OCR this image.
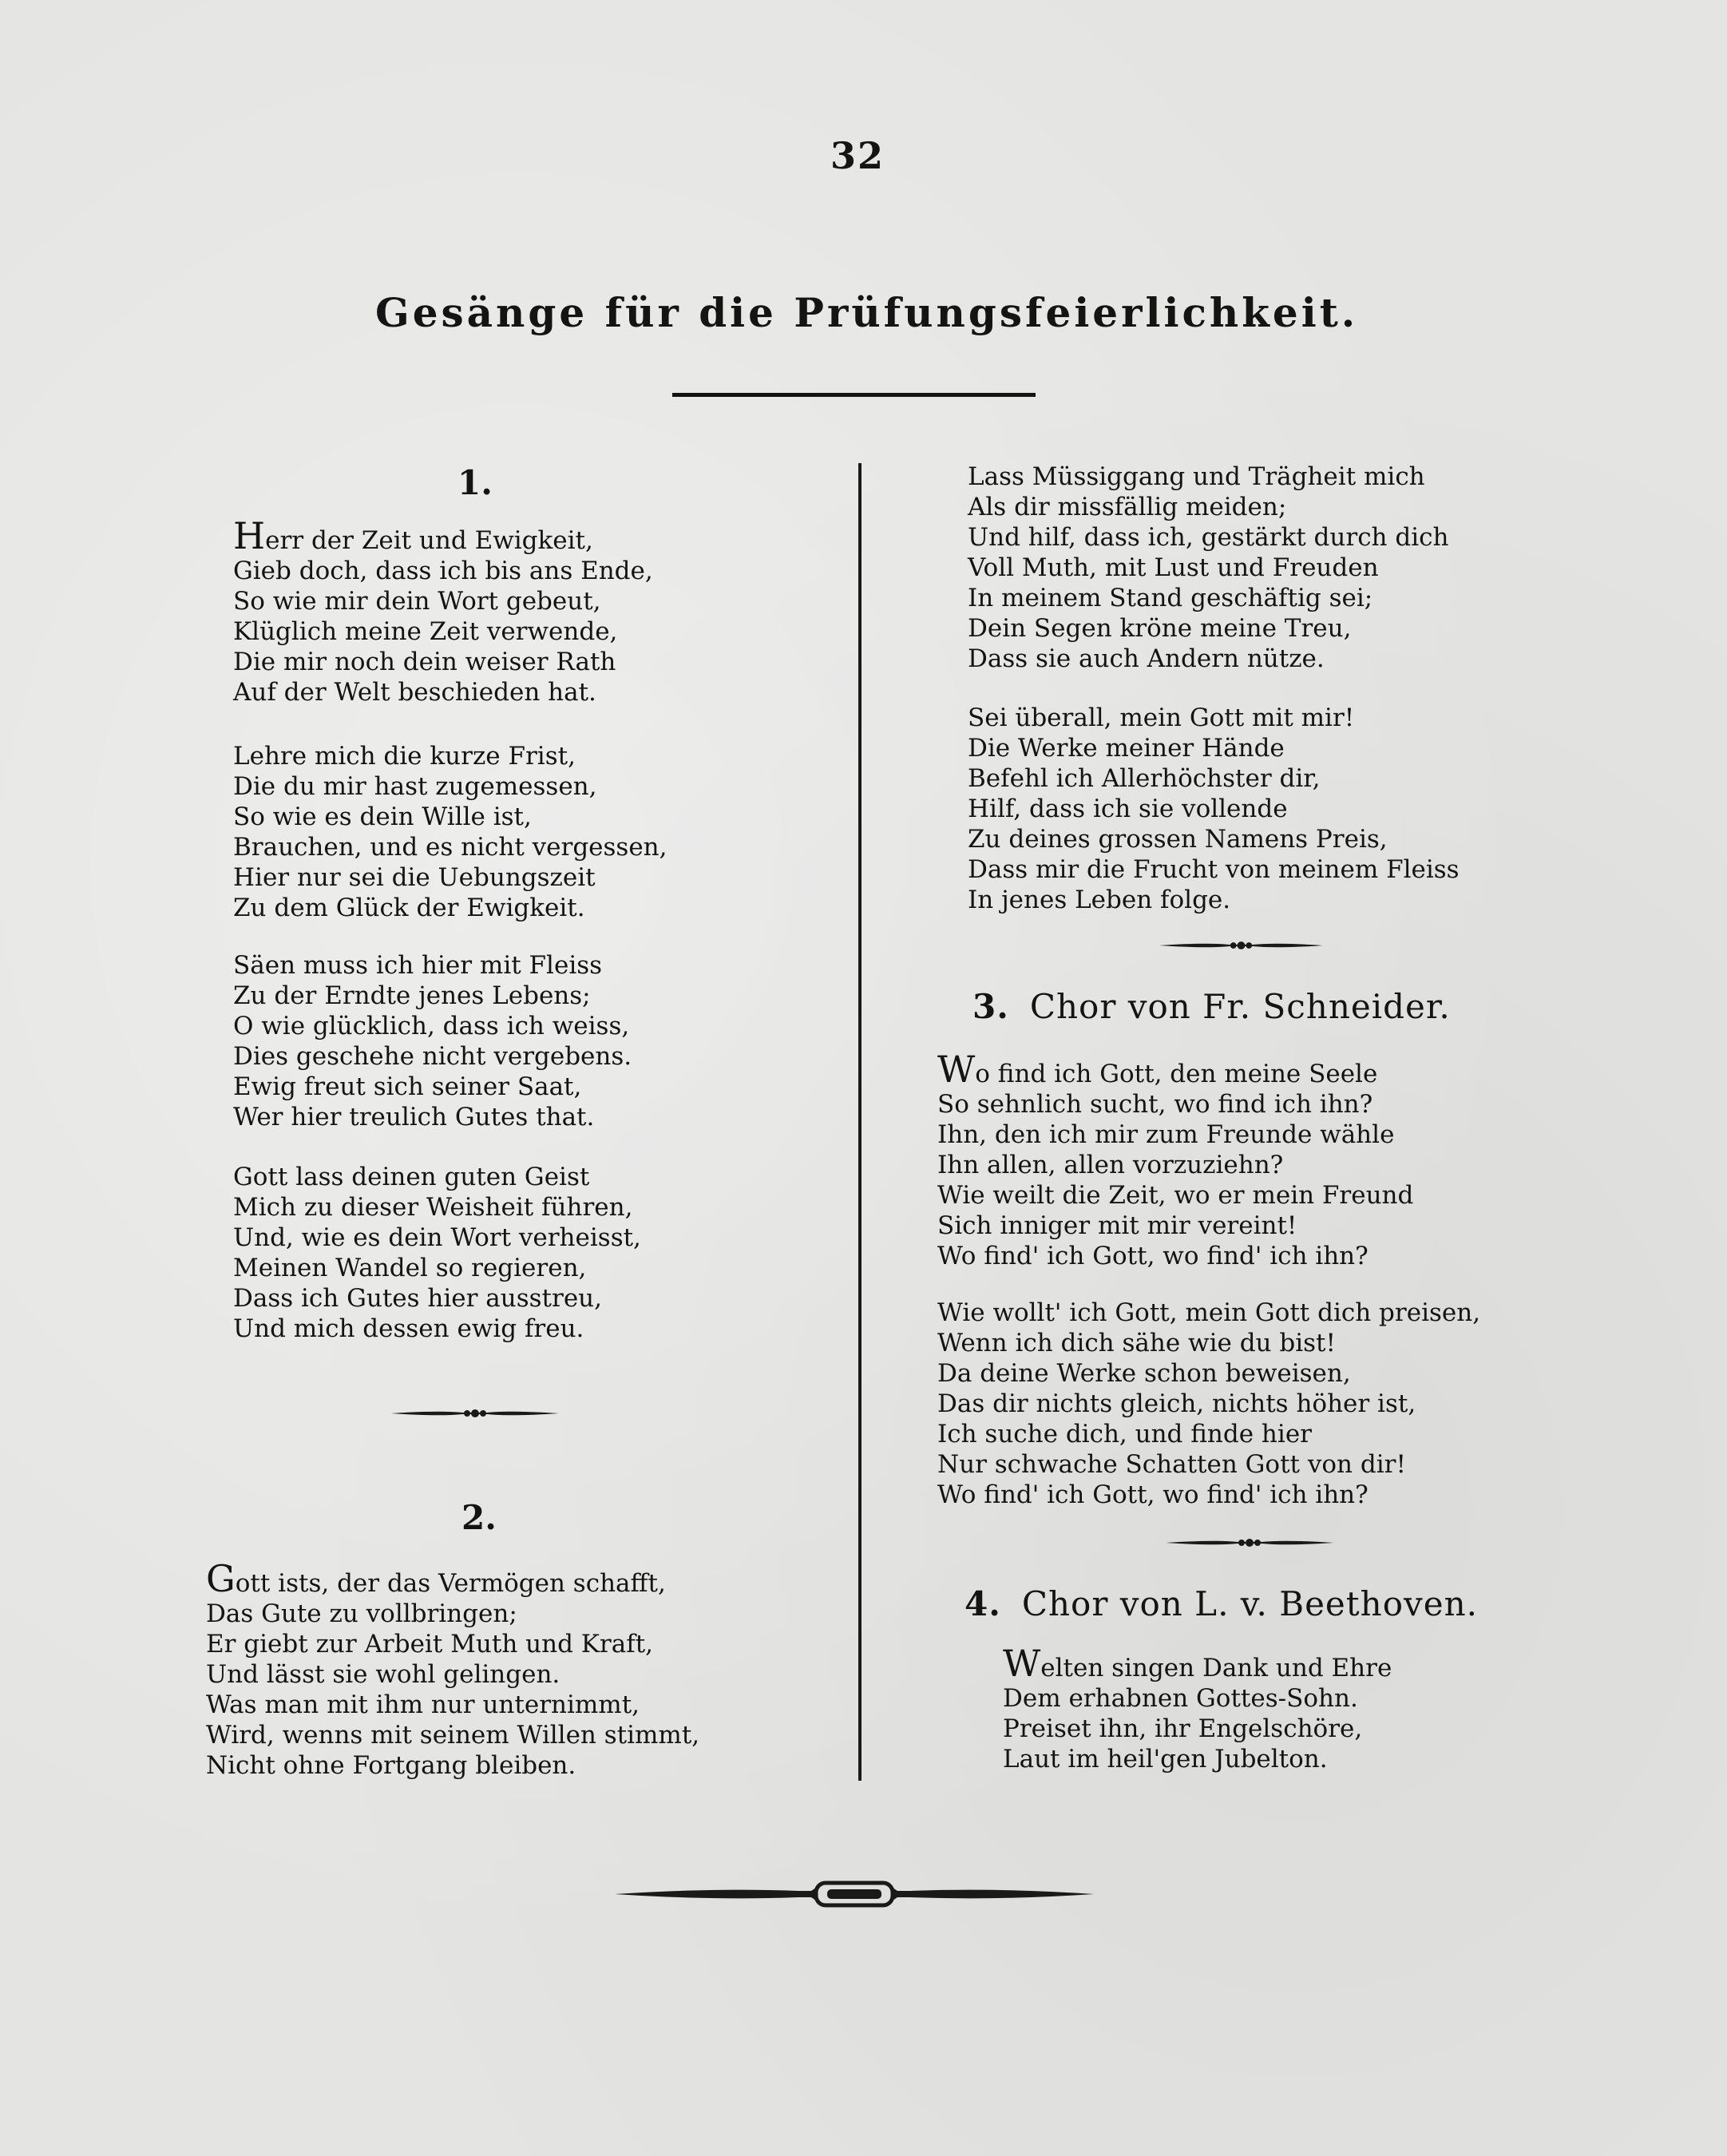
32
Gesänge für die Prüfungsfeierlichkeit.
1.
Herr der Zeit und Ewigkeit,
Gieb doch, dass ich bis ans Ende,
So wie mir dein Wort gebeut,
Klüglich meine Zeit verwende,
Die mir noch dein weiser Rath
Auf der Welt beschieden hat.
Lehre mich die kurze Frist,
Die du mir hast zugemessen,
So wie es dein Wille ist,
Brauchen, und es nicht vergessen,
Hier nur sei die Uebungszeit
Zu dem Glück der Ewigkeit.
Säen muss ich hier mit Fleiss
Zu der Erndte jenes Lebens;
O wie glücklich, dass ich weiss,
Dies geschehe nicht vergebens.
Ewig freut sich seiner Saat,
Wer hier treulich Gutes that.
Gott lass deinen guten Geist
Mich zu dieser Weisheit führen,
Und, wie es dein Wort verheisst,
Meinen Wandel so regieren,
Dass ich Gutes hier ausstreu,
Und mich dessen ewig freu.
2.
Gott ists, der das Vermögen schafft,
Das Gute zu vollbringen;
Er giebt zur Arbeit Muth und Kraft,
Und lässt sie wohl gelingen.
Was man mit ihm nur unternimmt,
Wird, wenns mit seinem Willen stimmt,
Nicht ohne Fortgang bleiben.
Lass Müssiggang und Trägheit mich
Als dir missfällig meiden;
Und hilf, dass ich, gestärkt durch dich
Voll Muth, mit Lust und Freuden
In meinem Stand geschäftig sei;
Dein Segen kröne meine Treu,
Dass sie auch Andern nütze.
Sei überall, mein Gott mit mir!
Die Werke meiner Hände
Befehl ich Allerhöchster dir,
Hilf, dass ich sie vollende
Zu deines grossen Namens Preis,
Dass mir die Frucht von meinem Fleiss
In jenes Leben folge.
3. Chor von Fr. Schneider.
Wo find ich Gott, den meine Seele
So sehnlich sucht, wo find ich ihn?
Ihn, den ich mir zum Freunde wähle
Ihn allen, allen vorzuziehn?
Wie weilt die Zeit, wo er mein Freund
Sich inniger mit mir vereint!
Wo find' ich Gott, wo find' ich ihn?
Wie wollt' ich Gott, mein Gott dich preisen,
Wenn ich dich sähe wie du bist!
Da deine Werke schon beweisen,
Das dir nichts gleich, nichts höher ist,
Ich suche dich, und finde hier
Nur schwache Schatten Gott von dir!
Wo find' ich Gott, wo find' ich ihn?
4. Chor von L. v. Beethoven.
Welten singen Dank und Ehre
Dem erhabnen Gottes-Sohn.
Preiset ihn, ihr Engelschöre,
Laut im heil'gen Jubelton.
